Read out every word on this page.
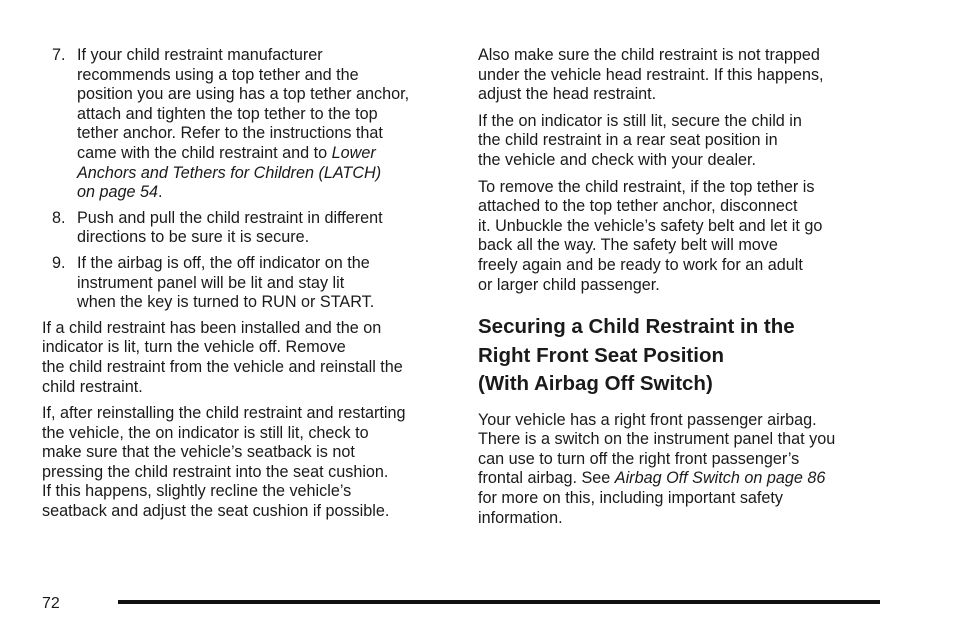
7. If your child restraint manufacturer
recommends using a top tether and the
position you are using has a top tether anchor,
attach and tighten the top tether to the top
tether anchor. Refer to the instructions that
came with the child restraint and to Lower
Anchors and Tethers for Children (LATCH)
on page 54.
8. Push and pull the child restraint in different
directions to be sure it is secure.
9. If the airbag is off, the off indicator on the
instrument panel will be lit and stay lit
when the key is turned to RUN or START.
If a child restraint has been installed and the on
indicator is lit, turn the vehicle off. Remove
the child restraint from the vehicle and reinstall the
child restraint.
If, after reinstalling the child restraint and restarting
the vehicle, the on indicator is still lit, check to
make sure that the vehicle’s seatback is not
pressing the child restraint into the seat cushion.
If this happens, slightly recline the vehicle’s
seatback and adjust the seat cushion if possible.
Also make sure the child restraint is not trapped
under the vehicle head restraint. If this happens,
adjust the head restraint.
If the on indicator is still lit, secure the child in
the child restraint in a rear seat position in
the vehicle and check with your dealer.
To remove the child restraint, if the top tether is
attached to the top tether anchor, disconnect
it. Unbuckle the vehicle’s safety belt and let it go
back all the way. The safety belt will move
freely again and be ready to work for an adult
or larger child passenger.
Securing a Child Restraint in the
Right Front Seat Position
(With Airbag Off Switch)
Your vehicle has a right front passenger airbag.
There is a switch on the instrument panel that you
can use to turn off the right front passenger’s
frontal airbag. See Airbag Off Switch on page 86
for more on this, including important safety
information.
72
